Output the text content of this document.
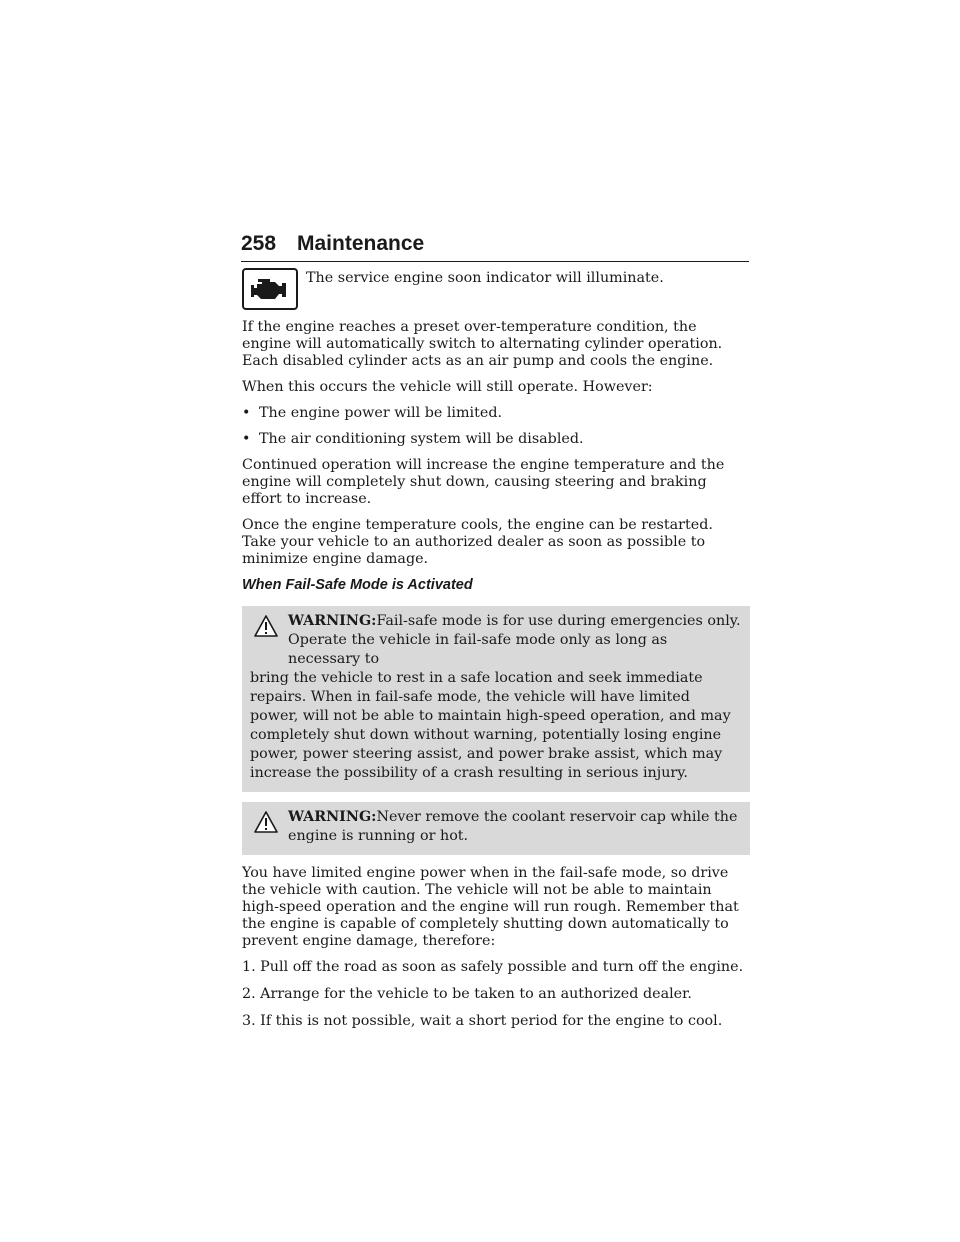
258 Maintenance
The service engine soon indicator will illuminate.

If the engine reaches a preset over-temperature condition, the engine will automatically switch to alternating cylinder operation. Each disabled cylinder acts as an air pump and cools the engine.

When this occurs the vehicle will still operate. However:

• The engine power will be limited.
• The air conditioning system will be disabled.

Continued operation will increase the engine temperature and the engine will completely shut down, causing steering and braking effort to increase.

Once the engine temperature cools, the engine can be restarted. Take your vehicle to an authorized dealer as soon as possible to minimize engine damage.

When Fail-Safe Mode is Activated
WARNING:Fail-safe mode is for use during emergencies only.
Operate the vehicle in fail-safe mode only as long as necessary to
bring the vehicle to rest in a safe location and seek immediate repairs. When in fail-safe mode, the vehicle will have limited power, will not be able to maintain high-speed operation, and may completely shut down without warning, potentially losing engine power, power steering assist, and power brake assist, which may increase the possibility of a crash resulting in serious injury.
WARNING:Never remove the coolant reservoir cap while the
engine is running or hot.

You have limited engine power when in the fail-safe mode, so drive the vehicle with caution. The vehicle will not be able to maintain high-speed operation and the engine will run rough. Remember that the engine is capable of completely shutting down automatically to prevent engine damage, therefore:

1. Pull off the road as soon as safely possible and turn off the engine.

2. Arrange for the vehicle to be taken to an authorized dealer.

3. If this is not possible, wait a short period for the engine to cool.
